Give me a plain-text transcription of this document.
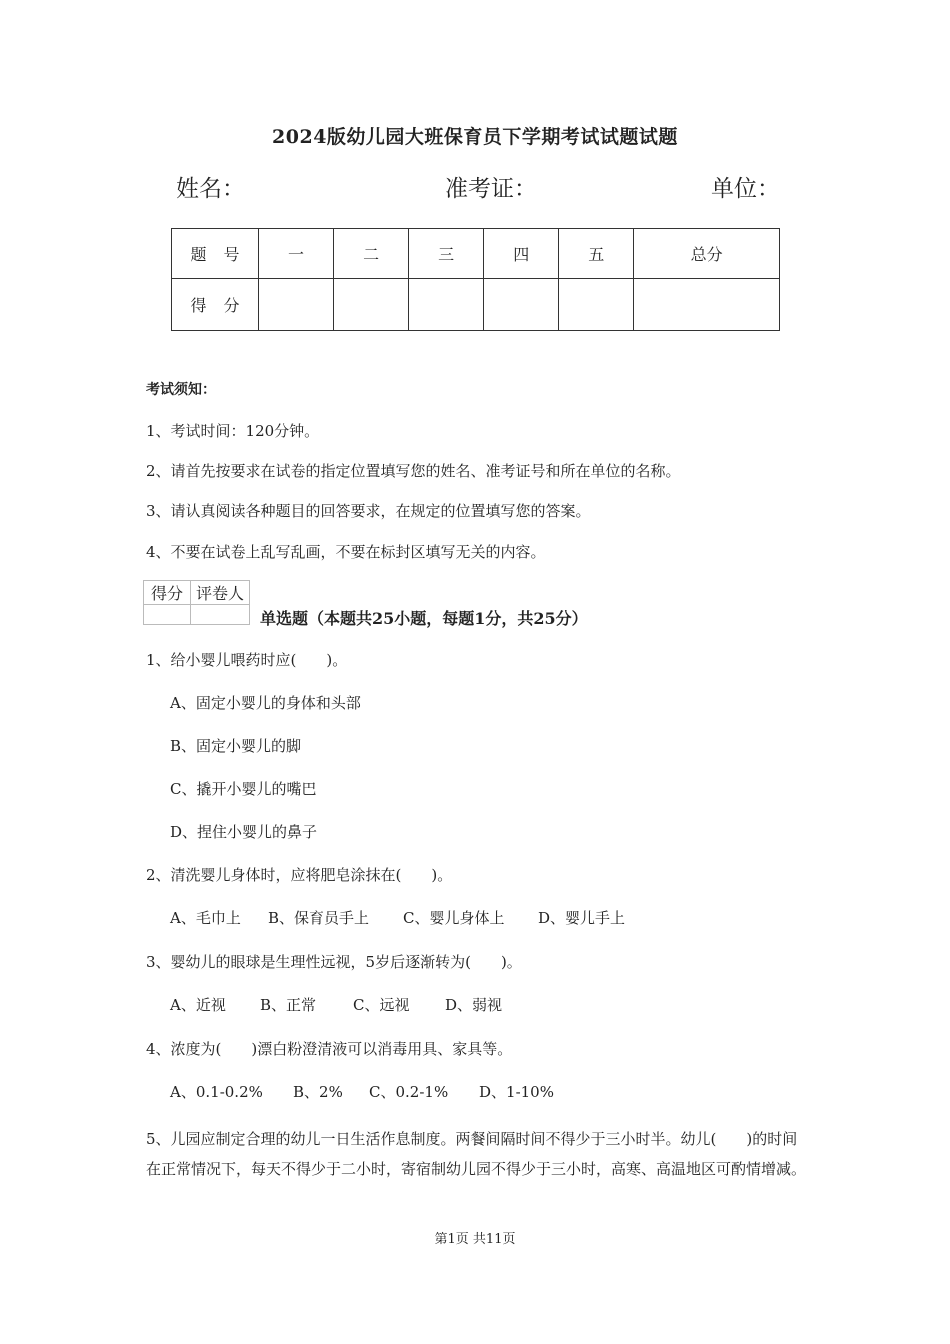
2024版幼儿园大班保育员下学期考试试题试题
姓名：	准考证：	单位：
题 号	一	二	三	四	五	总分
得 分						
考试须知：
1、考试时间：120分钟。
2、请首先按要求在试卷的指定位置填写您的姓名、准考证号和所在单位的名称。
3、请认真阅读各种题目的回答要求，在规定的位置填写您的答案。
4、不要在试卷上乱写乱画，不要在标封区填写无关的内容。
得分	评卷人

单选题（本题共25小题，每题1分，共25分）
1、给小婴儿喂药时应(　　)。
A、固定小婴儿的身体和头部
B、固定小婴儿的脚
C、撬开小婴儿的嘴巴
D、捏住小婴儿的鼻子
2、清洗婴儿身体时，应将肥皂涂抹在(　　)。
A、毛巾上 B、保育员手上 C、婴儿身体上 D、婴儿手上
3、婴幼儿的眼球是生理性远视，5岁后逐渐转为(　　)。
A、近视 B、正常 C、远视 D、弱视
4、浓度为(　　)漂白粉澄清液可以消毒用具、家具等。
A、0.1-0.2% B、2% C、0.2-1% D、1-10%
5、儿园应制定合理的幼儿一日生活作息制度。两餐间隔时间不得少于三小时半。幼儿(　　)的时间在正常情况下，每天不得少于二小时，寄宿制幼儿园不得少于三小时，高寒、高温地区可酌情增减。
第1页 共11页
